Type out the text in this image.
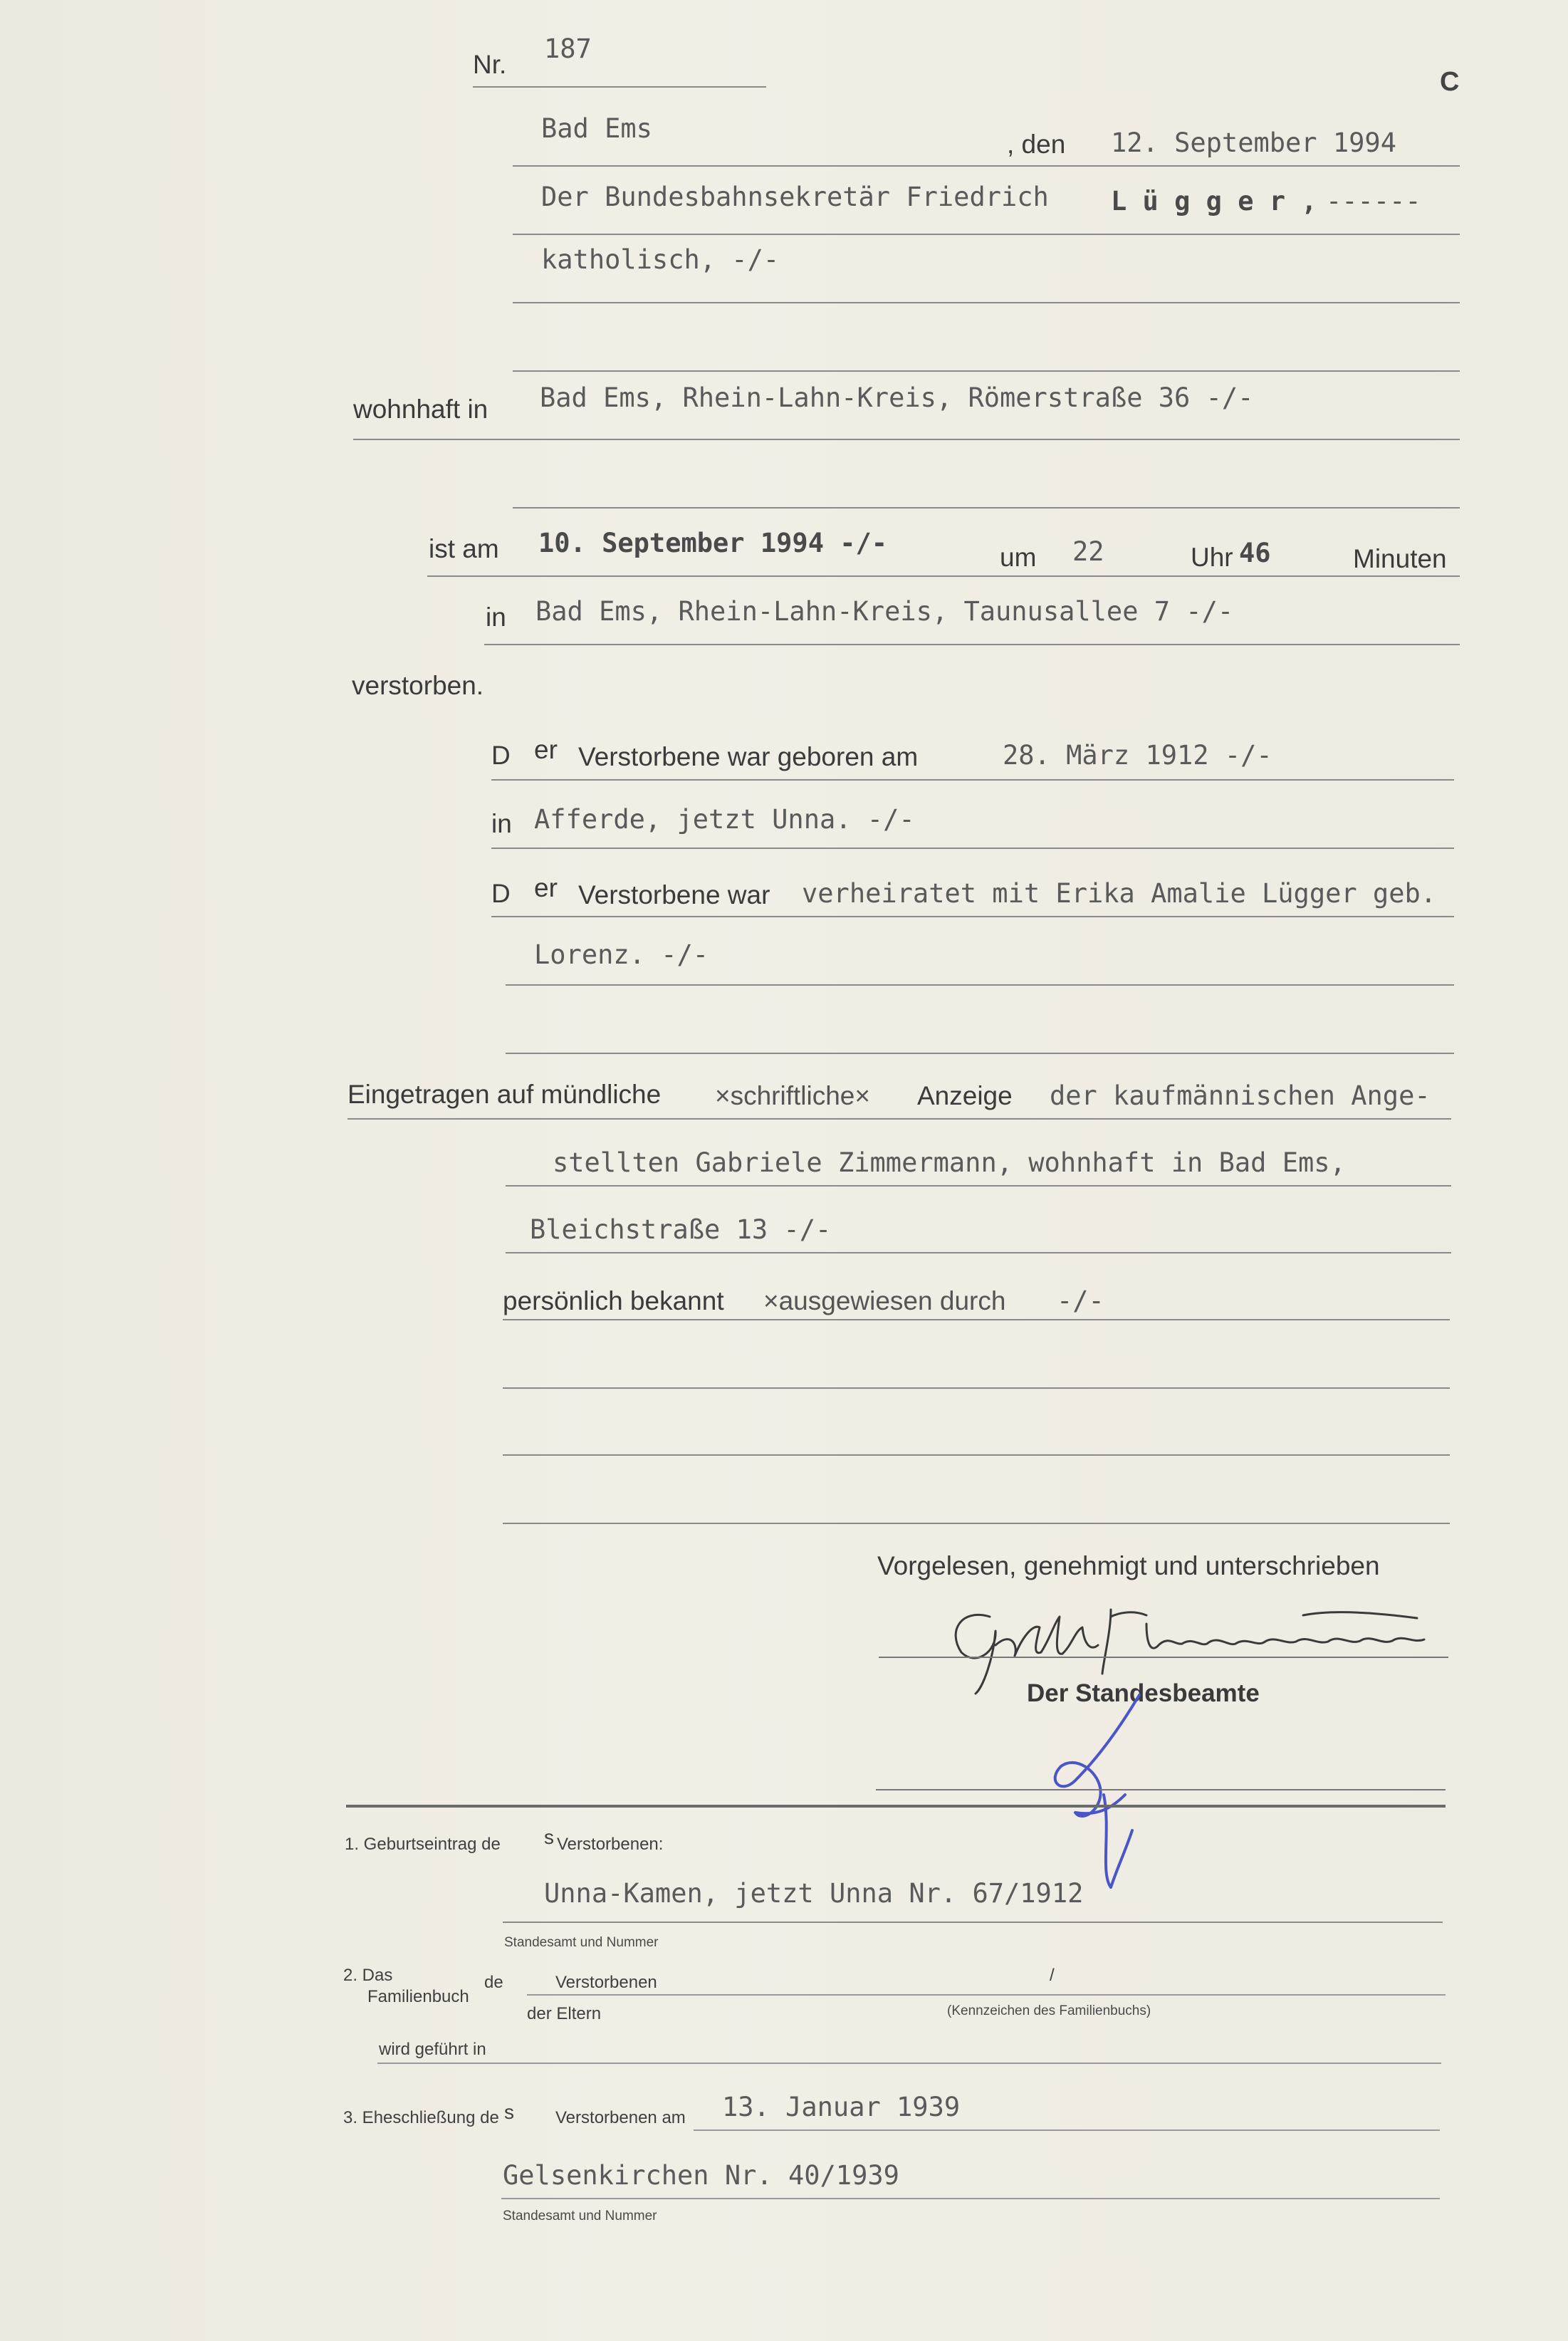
Nr.
187
C
Bad Ems
, den 12. September 1994
Der Bundesbahnsekretär Friedrich L ü g g e r , ------
katholisch, -/-
wohnhaft in Bad Ems, Rhein-Lahn-Kreis, Römerstraße 36 -/-
ist am 10. September 1994 -/-	um 22	Uhr 46	Minuten
in Bad Ems, Rhein-Lahn-Kreis, Taunusallee 7 -/-
verstorben.
D er Verstorbene war geboren am	28. März 1912 -/-
in Afferde, jetzt Unna. -/-
D er Verstorbene war verheiratet mit Erika Amalie Lügger geb.
Lorenz. -/-
Eingetragen auf mündliche ×schriftliche× Anzeige der kaufmännischen Ange-
stellten Gabriele Zimmermann, wohnhaft in Bad Ems,
Bleichstraße 13 -/-
persönlich bekannt ×ausgewiesen durch -/-
Vorgelesen, genehmigt und unterschrieben
Der Standesbeamte
1. Geburtseintrag de s Verstorbenen:
Unna-Kamen, jetzt Unna Nr. 67/1912
Standesamt und Nummer
2. Das
Familienbuch
de	Verstorbenen	/
der Eltern	(Kennzeichen des Familienbuchs)
wird geführt in
3. Eheschließung de s Verstorbenen am 13. Januar 1939
Gelsenkirchen Nr. 40/1939
Standesamt und Nummer
